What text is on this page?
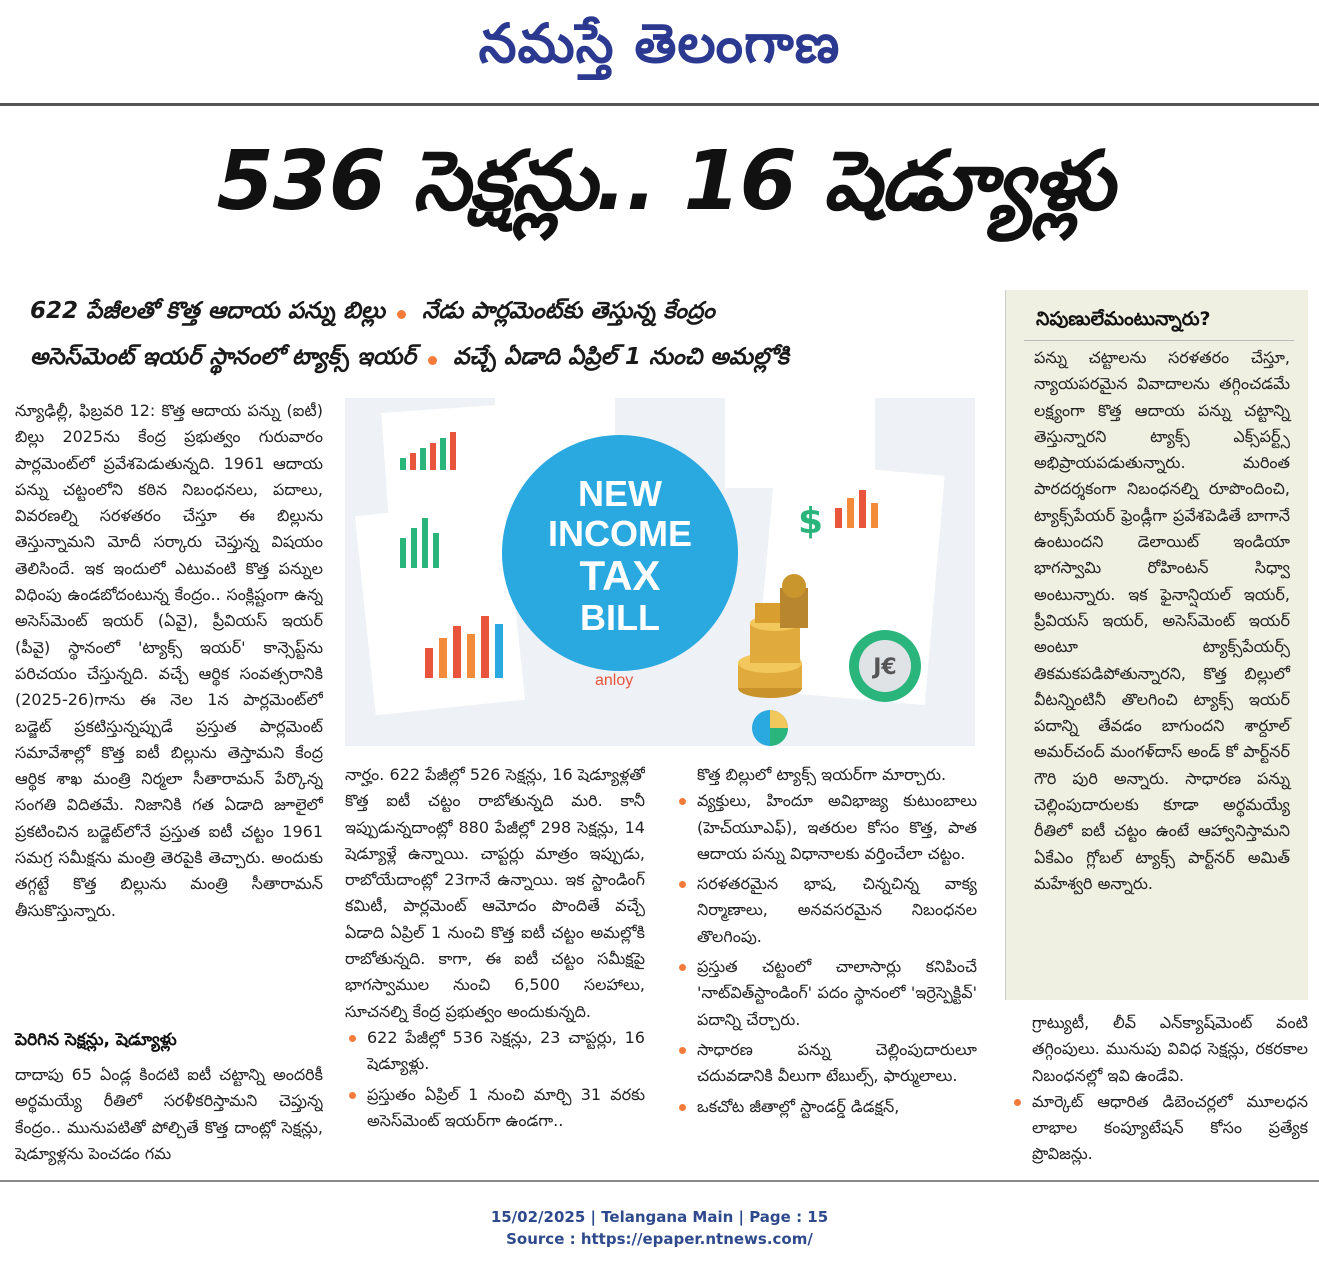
నమస్తే తెలంగాణ
536 సెక్షన్లు.. 16 షెడ్యూళ్లు
622 పేజీలతో కొత్త ఆదాయ పన్ను బిల్లు నేడు పార్లమెంట్‌కు తెస్తున్న కేంద్రం
అసెస్‌మెంట్ ఇయర్ స్థానంలో ట్యాక్స్ ఇయర్ వచ్చే ఏడాది ఏప్రిల్ 1 నుంచి అమల్లోకి

న్యూఢిల్లీ, ఫిబ్రవరి 12: కొత్త ఆదాయ పన్ను (ఐటీ) బిల్లు 2025ను కేంద్ర ప్రభుత్వం గురువారం పార్లమెంట్‌లో ప్రవేశపెడుతున్నది. 1961 ఆదాయ పన్ను చట్టంలోని కఠిన నిబంధనలు, పదాలు, వివరణల్ని సరళతరం చేస్తూ ఈ బిల్లును తెస్తున్నామని మోదీ సర్కారు చెప్తున్న విషయం తెలిసిందే. ఇక ఇందులో ఎటువంటి కొత్త పన్నుల విధింపు ఉండబోదంటున్న కేంద్రం.. సంక్లిష్టంగా ఉన్న అసెస్‌మెంట్ ఇయర్ (ఏవై), ప్రీవియస్ ఇయర్ (పీవై) స్థానంలో 'ట్యాక్స్ ఇయర్' కాన్సెప్ట్‌ను పరిచయం చేస్తున్నది. వచ్చే ఆర్థిక సంవత్సరానికి (2025-26)గాను ఈ నెల 1న పార్లమెంట్‌లో బడ్జెట్ ప్రకటిస్తున్నప్పుడే ప్రస్తుత పార్లమెంట్ సమావేశాల్లో కొత్త ఐటీ బిల్లును తెస్తామని కేంద్ర ఆర్థిక శాఖ మంత్రి నిర్మలా సీతారామన్ పేర్కొన్న సంగతి విదితమే. నిజానికి గత ఏడాది జూలైలో ప్రకటించిన బడ్జెట్‌లోనే ప్రస్తుత ఐటీ చట్టం 1961 సమగ్ర సమీక్షను మంత్రి తెరపైకి తెచ్చారు. అందుకు తగ్గట్టే కొత్త బిల్లును మంత్రి సీతారామన్ తీసుకొస్తున్నారు.

పెరిగిన సెక్షన్లు, షెడ్యూళ్లు

దాదాపు 65 ఏండ్ల కిందటి ఐటీ చట్టాన్ని అందరికీ అర్థమయ్యే రీతిలో సరళీకరిస్తామని చెప్తున్న కేంద్రం.. మునుపటితో పోల్చితే కొత్త దాంట్లో సెక్షన్లు, షెడ్యూళ్లను పెంచడం గమ

$
NEW
INCOME
TAX
BILL
J€
anloy

నార్హం. 622 పేజీల్లో 526 సెక్షన్లు, 16 షెడ్యూళ్లతో కొత్త ఐటీ చట్టం రాబోతున్నది మరి. కానీ ఇప్పుడున్నదాంట్లో 880 పేజీల్లో 298 సెక్షన్లు, 14 షెడ్యూళ్లే ఉన్నాయి. చాప్టర్లు మాత్రం ఇప్పుడు, రాబోయేదాంట్లో 23గానే ఉన్నాయి. ఇక స్టాండింగ్ కమిటీ, పార్లమెంట్ ఆమోదం పొందితే వచ్చే ఏడాది ఏప్రిల్ 1 నుంచి కొత్త ఐటీ చట్టం అమల్లోకి రాబోతున్నది. కాగా, ఈ ఐటీ చట్టం సమీక్షపై భాగస్వాముల నుంచి 6,500 సలహాలు, సూచనల్ని కేంద్ర ప్రభుత్వం అందుకున్నది.

622 పేజీల్లో 536 సెక్షన్లు, 23 చాప్టర్లు, 16 షెడ్యూళ్లు.
ప్రస్తుతం ఏప్రిల్ 1 నుంచి మార్చి 31 వరకు అసెస్‌మెంట్ ఇయర్‌గా ఉండగా..

కొత్త బిల్లులో ట్యాక్స్ ఇయర్‌గా మార్చారు.

వ్యక్తులు, హిందూ అవిభాజ్య కుటుంబాలు (హెచ్‌యూఎఫ్), ఇతరుల కోసం కొత్త, పాత ఆదాయ పన్ను విధానాలకు వర్తించేలా చట్టం.
సరళతరమైన భాష, చిన్నచిన్న వాక్య నిర్మాణాలు, అనవసరమైన నిబంధనల తొలగింపు.
ప్రస్తుత చట్టంలో చాలాసార్లు కనిపించే 'నాట్‌విత్‌స్టాండింగ్' పదం స్థానంలో 'ఇర్రెస్పెక్టివ్' పదాన్ని చేర్చారు.
సాధారణ పన్ను చెల్లింపుదారులూ చదువడానికి వీలుగా టేబుల్స్, ఫార్ములాలు.
ఒకచోట జీతాల్లో స్టాండర్డ్ డిడక్షన్,
నిపుణులేమంటున్నారు?
పన్ను చట్టాలను సరళతరం చేస్తూ, న్యాయపరమైన వివాదాలను తగ్గించడమే లక్ష్యంగా కొత్త ఆదాయ పన్ను చట్టాన్ని తెస్తున్నారని ట్యాక్స్ ఎక్స్‌పర్ట్స్ అభిప్రాయపడుతున్నారు. మరింత పారదర్శకంగా నిబంధనల్ని రూపొందించి, ట్యాక్స్‌పేయర్ ఫ్రెండ్లీగా ప్రవేశపెడితే బాగానే ఉంటుందని డెలాయిట్ ఇండియా భాగస్వామి రోహింటన్ సిధ్వా అంటున్నారు. ఇక ఫైనాన్షియల్ ఇయర్, ప్రీవియస్ ఇయర్, అసెస్‌మెంట్ ఇయర్ అంటూ ట్యాక్స్‌పేయర్స్ తికమకపడిపోతున్నారని, కొత్త బిల్లులో వీటన్నింటినీ తొలగించి ట్యాక్స్ ఇయర్ పదాన్ని తేవడం బాగుందని శార్దూల్ అమర్‌చంద్ మంగళ్‌దాస్ అండ్ కో పార్ట్‌నర్ గౌరి పురి అన్నారు. సాధారణ పన్ను చెల్లింపుదారులకు కూడా అర్థమయ్యే రీతిలో ఐటీ చట్టం ఉంటే ఆహ్వానిస్తామని ఏకేఎం గ్లోబల్ ట్యాక్స్ పార్ట్‌నర్ అమిత్ మహేశ్వరి అన్నారు.

గ్రాట్యుటీ, లీవ్ ఎన్‌క్యాష్‌మెంట్ వంటి తగ్గింపులు. మునుపు వివిధ సెక్షన్లు, రకరకాల నిబంధనల్లో ఇవి ఉండేవి.

మార్కెట్ ఆధారిత డిబెంచర్లలో మూలధన లాభాల కంప్యూటేషన్ కోసం ప్రత్యేక ప్రొవిజన్లు.
15/02/2025 | Telangana Main | Page : 15
Source : https://epaper.ntnews.com/
